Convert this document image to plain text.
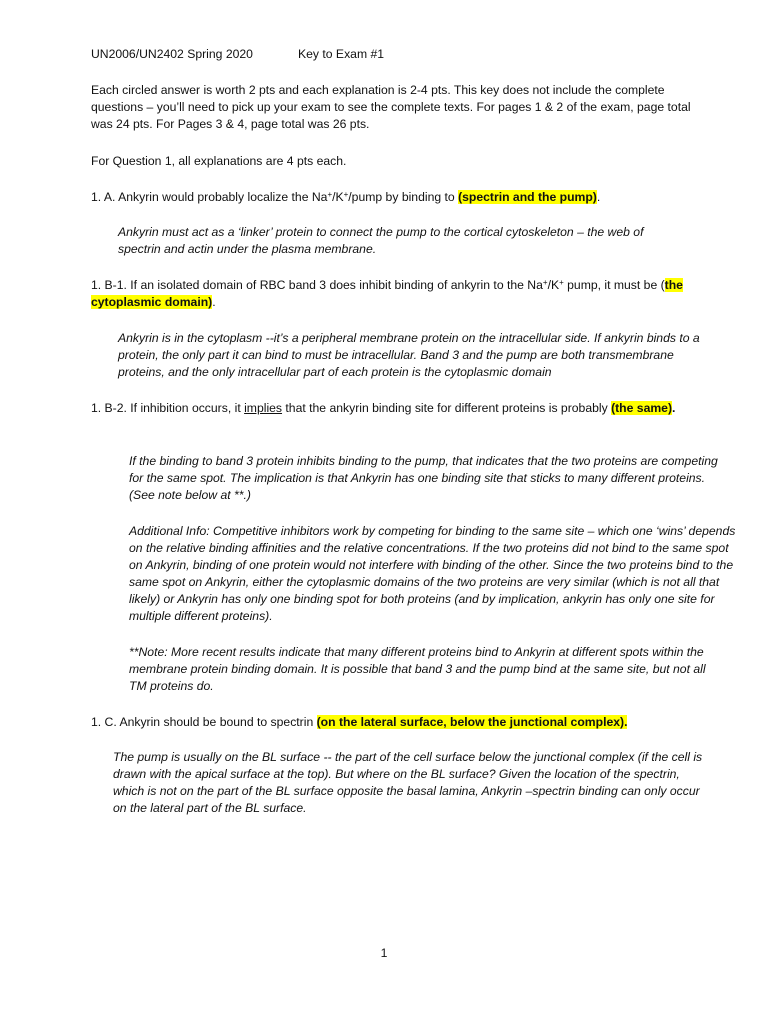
UN2006/UN2402 Spring 2020	Key to Exam #1

Each circled answer is worth 2 pts and each explanation is 2-4 pts. This key does not include the complete questions – you’ll need to pick up your exam to see the complete texts. For pages 1 & 2 of the exam, page total was 24 pts. For Pages 3 & 4, page total was 26 pts.

For Question 1, all explanations are 4 pts each.

1. A. Ankyrin would probably localize the Na+/K+/pump by binding to (spectrin and the pump).

Ankyrin must act as a ‘linker’ protein to connect the pump to the cortical cytoskeleton – the web of spectrin and actin under the plasma membrane.

1. B-1. If an isolated domain of RBC band 3 does inhibit binding of ankyrin to the Na+/K+ pump, it must be (the cytoplasmic domain).

Ankyrin is in the cytoplasm --it’s a peripheral membrane protein on the intracellular side. If ankyrin binds to a protein, the only part it can bind to must be intracellular. Band 3 and the pump are both transmembrane proteins, and the only intracellular part of each protein is the cytoplasmic domain

1. B-2. If inhibition occurs, it implies that the ankyrin binding site for different proteins is probably (the same).

If the binding to band 3 protein inhibits binding to the pump, that indicates that the two proteins are competing for the same spot. The implication is that Ankyrin has one binding site that sticks to many different proteins. (See note below at **.)

Additional Info: Competitive inhibitors work by competing for binding to the same site – which one ‘wins’ depends on the relative binding affinities and the relative concentrations. If the two proteins did not bind to the same spot on Ankyrin, binding of one protein would not interfere with binding of the other. Since the two proteins bind to the same spot on Ankyrin, either the cytoplasmic domains of the two proteins are very similar (which is not all that likely) or Ankyrin has only one binding spot for both proteins (and by implication, ankyrin has only one site for multiple different proteins).

**Note: More recent results indicate that many different proteins bind to Ankyrin at different spots within the membrane protein binding domain. It is possible that band 3 and the pump bind at the same site, but not all TM proteins do.

1. C. Ankyrin should be bound to spectrin (on the lateral surface, below the junctional complex).

The pump is usually on the BL surface -- the part of the cell surface below the junctional complex (if the cell is drawn with the apical surface at the top). But where on the BL surface? Given the location of the spectrin, which is not on the part of the BL surface opposite the basal lamina, Ankyrin –spectrin binding can only occur on the lateral part of the BL surface.

1
